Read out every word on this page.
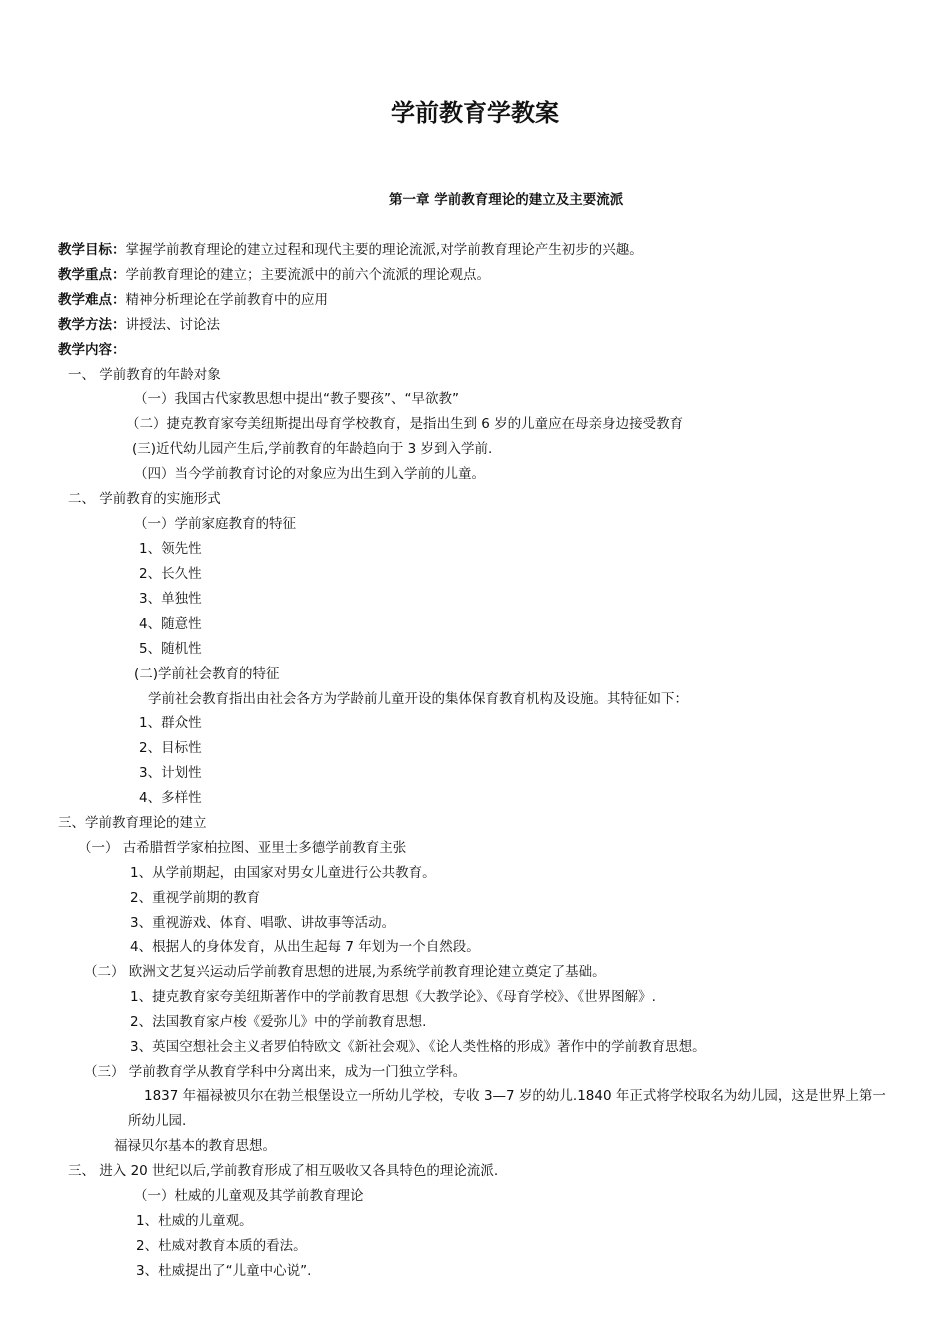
学前教育学教案
第一章 学前教育理论的建立及主要流派
教学目标：掌握学前教育理论的建立过程和现代主要的理论流派,对学前教育理论产生初步的兴趣。
教学重点：学前教育理论的建立；主要流派中的前六个流派的理论观点。
教学难点：精神分析理论在学前教育中的应用
教学方法：讲授法、讨论法
教学内容：
一、 学前教育的年龄对象
（一）我国古代家教思想中提出“教子婴孩”、“早欲教”
（二）捷克教育家夸美纽斯提出母育学校教育，是指出生到 6 岁的儿童应在母亲身边接受教育
(三)近代幼儿园产生后,学前教育的年龄趋向于 3 岁到入学前.
（四）当今学前教育讨论的对象应为出生到入学前的儿童。
二、 学前教育的实施形式
（一）学前家庭教育的特征
1、领先性
2、长久性
3、单独性
4、随意性
5、随机性
(二)学前社会教育的特征
学前社会教育指出由社会各方为学龄前儿童开设的集体保育教育机构及设施。其特征如下：
1、群众性
2、目标性
3、计划性
4、多样性
三、学前教育理论的建立
（一） 古希腊哲学家柏拉图、亚里士多德学前教育主张
1、从学前期起，由国家对男女儿童进行公共教育。
2、重视学前期的教育
3、重视游戏、体育、唱歌、讲故事等活动。
4、根据人的身体发育，从出生起每 7 年划为一个自然段。
（二） 欧洲文艺复兴运动后学前教育思想的进展,为系统学前教育理论建立奠定了基础。
1、捷克教育家夸美纽斯著作中的学前教育思想《大教学论》、《母育学校》、《世界图解》.
2、法国教育家卢梭《爱弥儿》中的学前教育思想.
3、英国空想社会主义者罗伯特欧文《新社会观》、《论人类性格的形成》著作中的学前教育思想。
（三） 学前教育学从教育学科中分离出来，成为一门独立学科。
1837 年福禄被贝尔在勃兰根堡设立一所幼儿学校，专收 3—7 岁的幼儿.1840 年正式将学校取名为幼儿园，这是世界上第一所幼儿园.
福禄贝尔基本的教育思想。
三、 进入 20 世纪以后,学前教育形成了相互吸收又各具特色的理论流派.
（一）杜威的儿童观及其学前教育理论
1、杜威的儿童观。
2、杜威对教育本质的看法。
3、杜威提出了“儿童中心说”.
